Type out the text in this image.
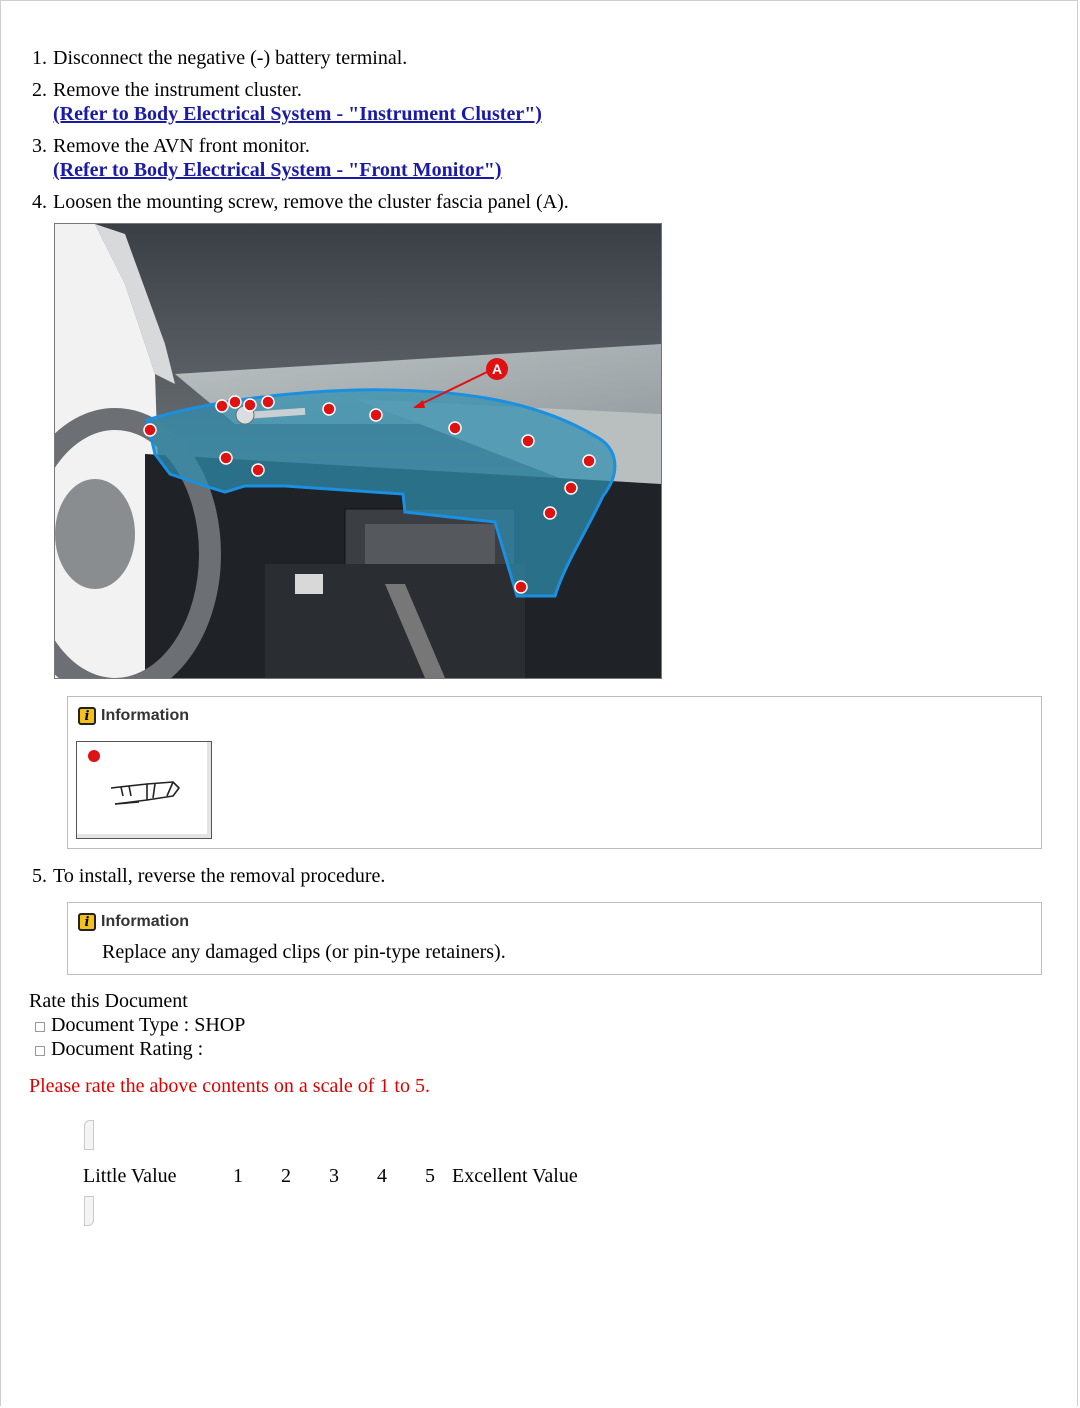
1. Disconnect the negative (-) battery terminal.
2. Remove the instrument cluster.
(Refer to Body Electrical System - "Instrument Cluster")
3. Remove the AVN front monitor.
(Refer to Body Electrical System - "Front Monitor")
4. Loosen the mounting screw, remove the cluster fascia panel (A).
A
i Information
5. To install, reverse the removal procedure.
i Information
Replace any damaged clips (or pin-type retainers).
Rate this Document
Document Type : SHOP
Document Rating :
Please rate the above contents on a scale of 1 to 5.
Little Value	1 2 3 4 5 Excellent Value
